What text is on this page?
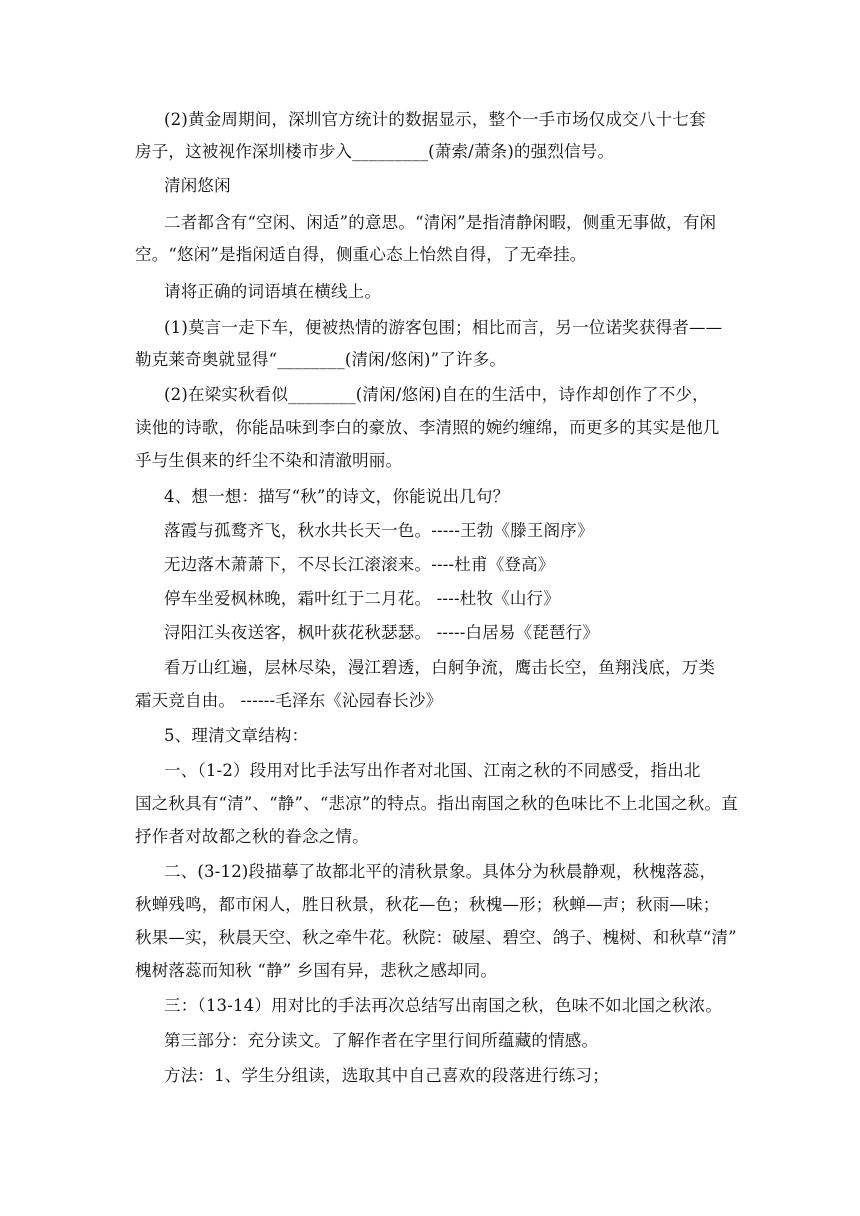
(2)黄金周期间，深圳官方统计的数据显示，整个一手市场仅成交八十七套
房子，这被视作深圳楼市步入_________(萧索/萧条)的强烈信号。
清闲悠闲
二者都含有“空闲、闲适”的意思。“清闲”是指清静闲暇，侧重无事做，有闲
空。“悠闲”是指闲适自得，侧重心态上怡然自得，了无牵挂。
请将正确的词语填在横线上。
(1)莫言一走下车，便被热情的游客包围；相比而言，另一位诺奖获得者——
勒克莱奇奥就显得“________(清闲/悠闲)”了许多。
(2)在梁实秋看似________(清闲/悠闲)自在的生活中，诗作却创作了不少，
读他的诗歌，你能品味到李白的豪放、李清照的婉约缠绵，而更多的其实是他几
乎与生俱来的纤尘不染和清澈明丽。
4、想一想：描写“秋”的诗文，你能说出几句？
落霞与孤鹜齐飞，秋水共长天一色。-----王勃《滕王阁序》
无边落木萧萧下，不尽长江滚滚来。----杜甫《登高》
停车坐爱枫林晚，霜叶红于二月花。 ----杜牧《山行》
浔阳江头夜送客，枫叶荻花秋瑟瑟。 -----白居易《琵琶行》
看万山红遍，层林尽染，漫江碧透，白舸争流，鹰击长空，鱼翔浅底，万类
霜天竞自由。 ------毛泽东《沁园春长沙》
5、理清文章结构：
一、（1-2）段用对比手法写出作者对北国、江南之秋的不同感受，指出北
国之秋具有“清”、“静”、“悲凉”的特点。指出南国之秋的色味比不上北国之秋。直
抒作者对故都之秋的眷念之情。
二、(3-12)段描摹了故都北平的清秋景象。具体分为秋晨静观，秋槐落蕊，
秋蝉残鸣，都市闲人，胜日秋景，秋花—色；秋槐—形；秋蝉—声；秋雨—味；
秋果—实，秋晨天空、秋之牵牛花。秋院：破屋、碧空、鸽子、槐树、和秋草“清”
槐树落蕊而知秋 “静” 乡国有异，悲秋之感却同。
三：（13-14）用对比的手法再次总结写出南国之秋，色味不如北国之秋浓。
第三部分：充分读文。了解作者在字里行间所蕴藏的情感。
方法：1、学生分组读，选取其中自己喜欢的段落进行练习；
